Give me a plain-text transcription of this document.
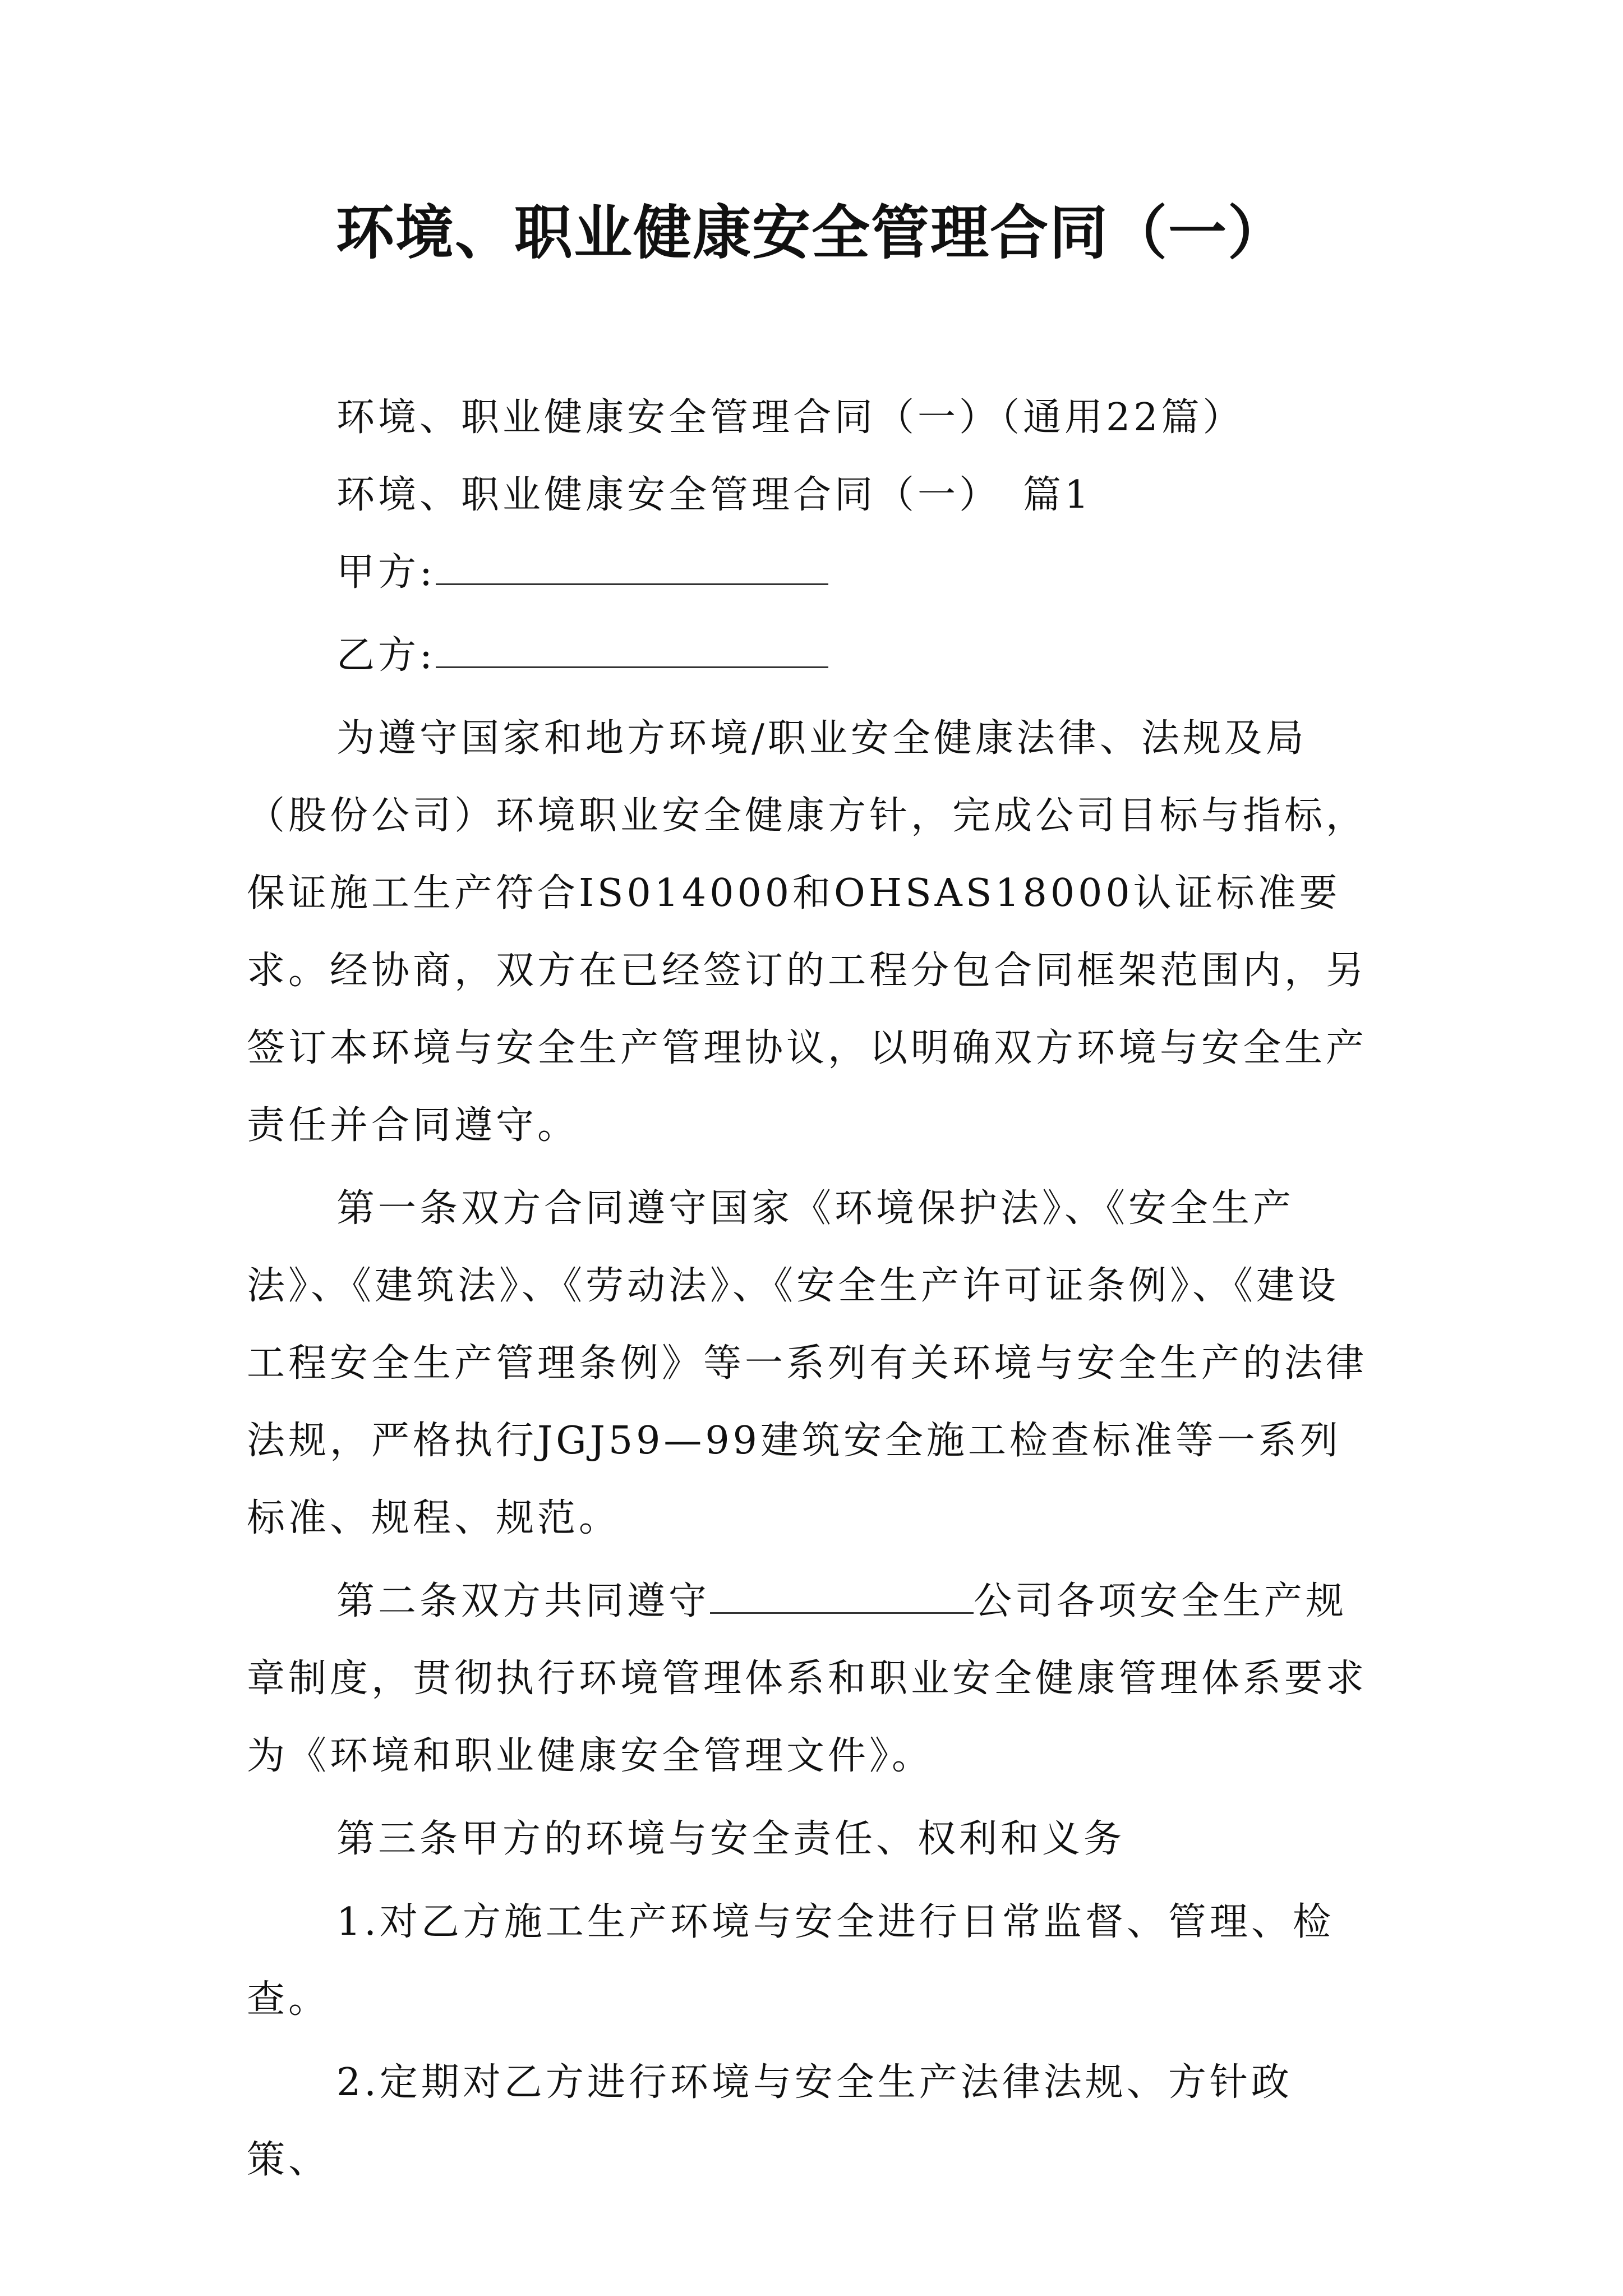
环境、职业健康安全管理合同（一）

环境、职业健康安全管理合同（一）（通用22篇）

环境、职业健康安全管理合同（一）　篇1

甲方:

乙方:

为遵守国家和地方环境/职业安全健康法律、法规及局（股份公司）环境职业安全健康方针，完成公司目标与指标，保证施工生产符合IS014000和OHSAS18000认证标准要求。经协商，双方在已经签订的工程分包合同框架范围内，另签订本环境与安全生产管理协议，以明确双方环境与安全生产责任并合同遵守。

第一条双方合同遵守国家《环境保护法》、《安全生产法》、《建筑法》、《劳动法》、《安全生产许可证条例》、《建设工程安全生产管理条例》等一系列有关环境与安全生产的法律法规，严格执行JGJ59—99建筑安全施工检查标准等一系列标准、规程、规范。

第二条双方共同遵守	公司各项安全生产规章制度，贯彻执行环境管理体系和职业安全健康管理体系要求为《环境和职业健康安全管理文件》。

第三条甲方的环境与安全责任、权利和义务

1.对乙方施工生产环境与安全进行日常监督、管理、检查。

2.定期对乙方进行环境与安全生产法律法规、方针政策、
